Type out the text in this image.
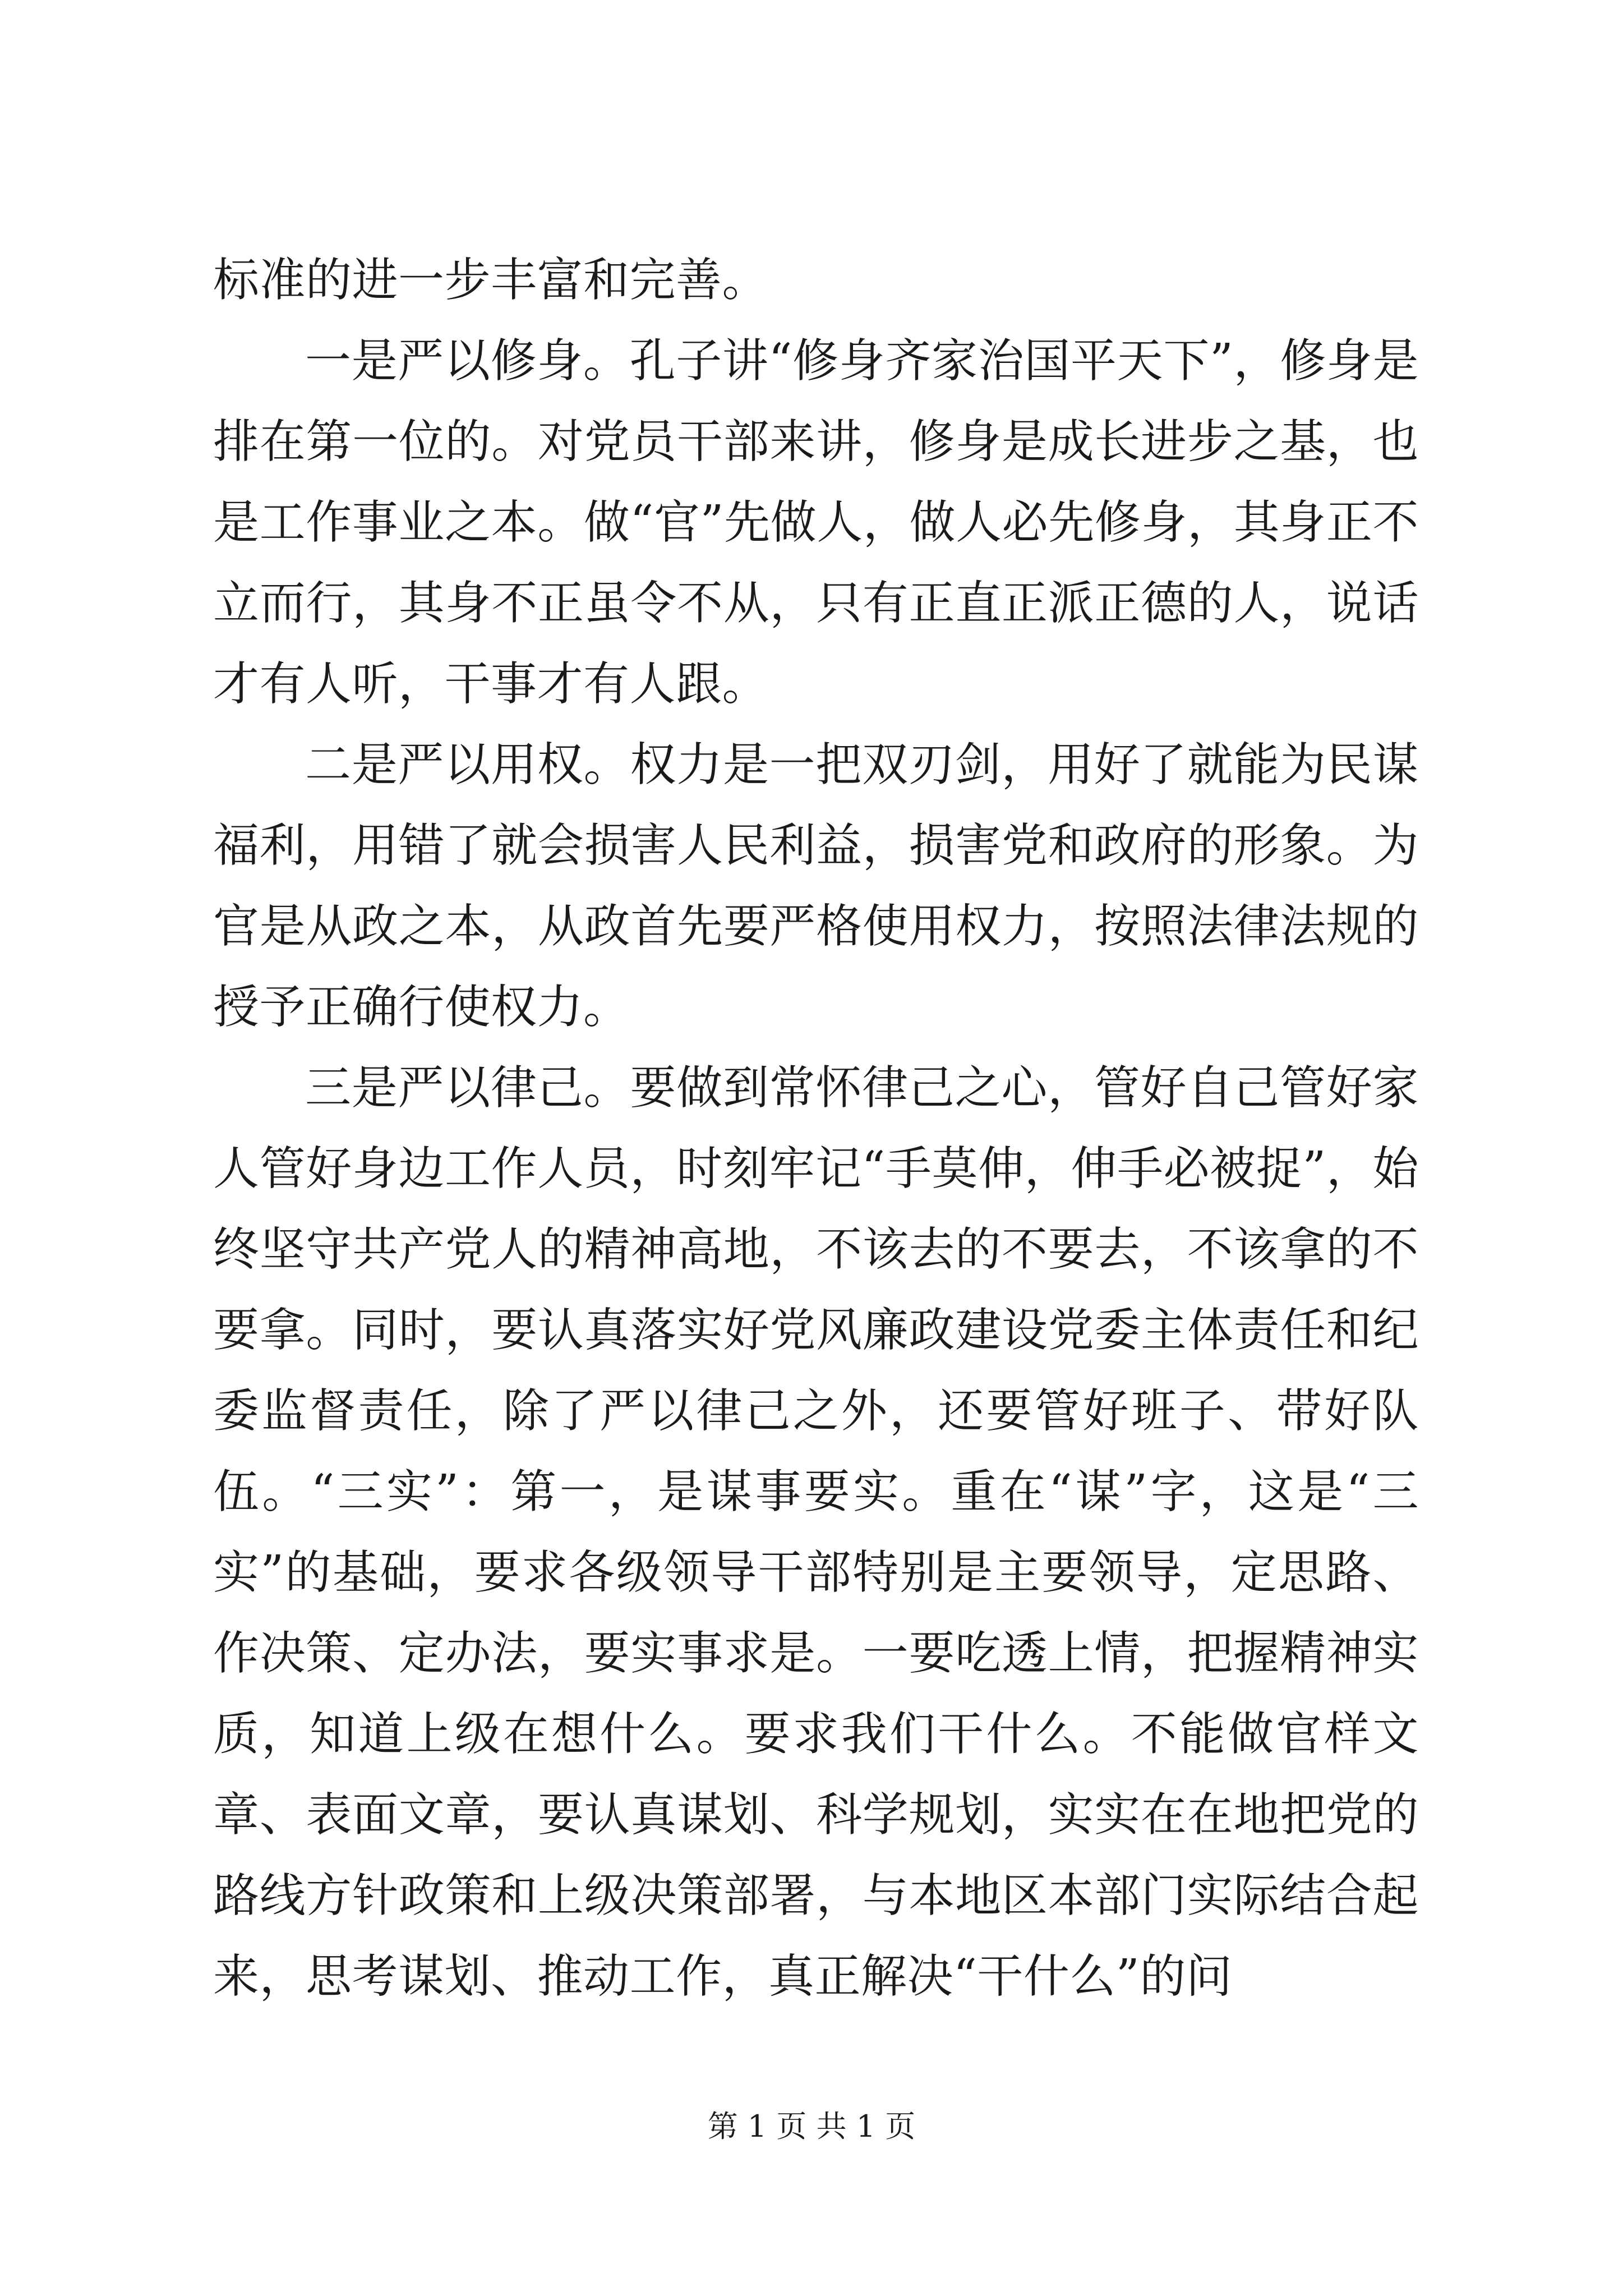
标准的进一步丰富和完善。

一是严以修身。孔子讲“修身齐家治国平天下”，修身是排在第一位的。对党员干部来讲，修身是成长进步之基，也是工作事业之本。做“官”先做人，做人必先修身，其身正不立而行，其身不正虽令不从，只有正直正派正德的人，说话才有人听，干事才有人跟。

二是严以用权。权力是一把双刃剑，用好了就能为民谋福利，用错了就会损害人民利益，损害党和政府的形象。为官是从政之本，从政首先要严格使用权力，按照法律法规的授予正确行使权力。

三是严以律己。要做到常怀律己之心，管好自己管好家人管好身边工作人员，时刻牢记“手莫伸，伸手必被捉”，始终坚守共产党人的精神高地，不该去的不要去，不该拿的不要拿。同时，要认真落实好党风廉政建设党委主体责任和纪委监督责任，除了严以律己之外，还要管好班子、带好队伍。“三实”：第一，是谋事要实。重在“谋”字，这是“三实”的基础，要求各级领导干部特别是主要领导，定思路、作决策、定办法，要实事求是。一要吃透上情，把握精神实质，知道上级在想什么。要求我们干什么。不能做官样文章、表面文章，要认真谋划、科学规划，实实在在地把党的路线方针政策和上级决策部署，与本地区本部门实际结合起来，思考谋划、推动工作，真正解决“干什么”的问

第 1 页 共 1 页
